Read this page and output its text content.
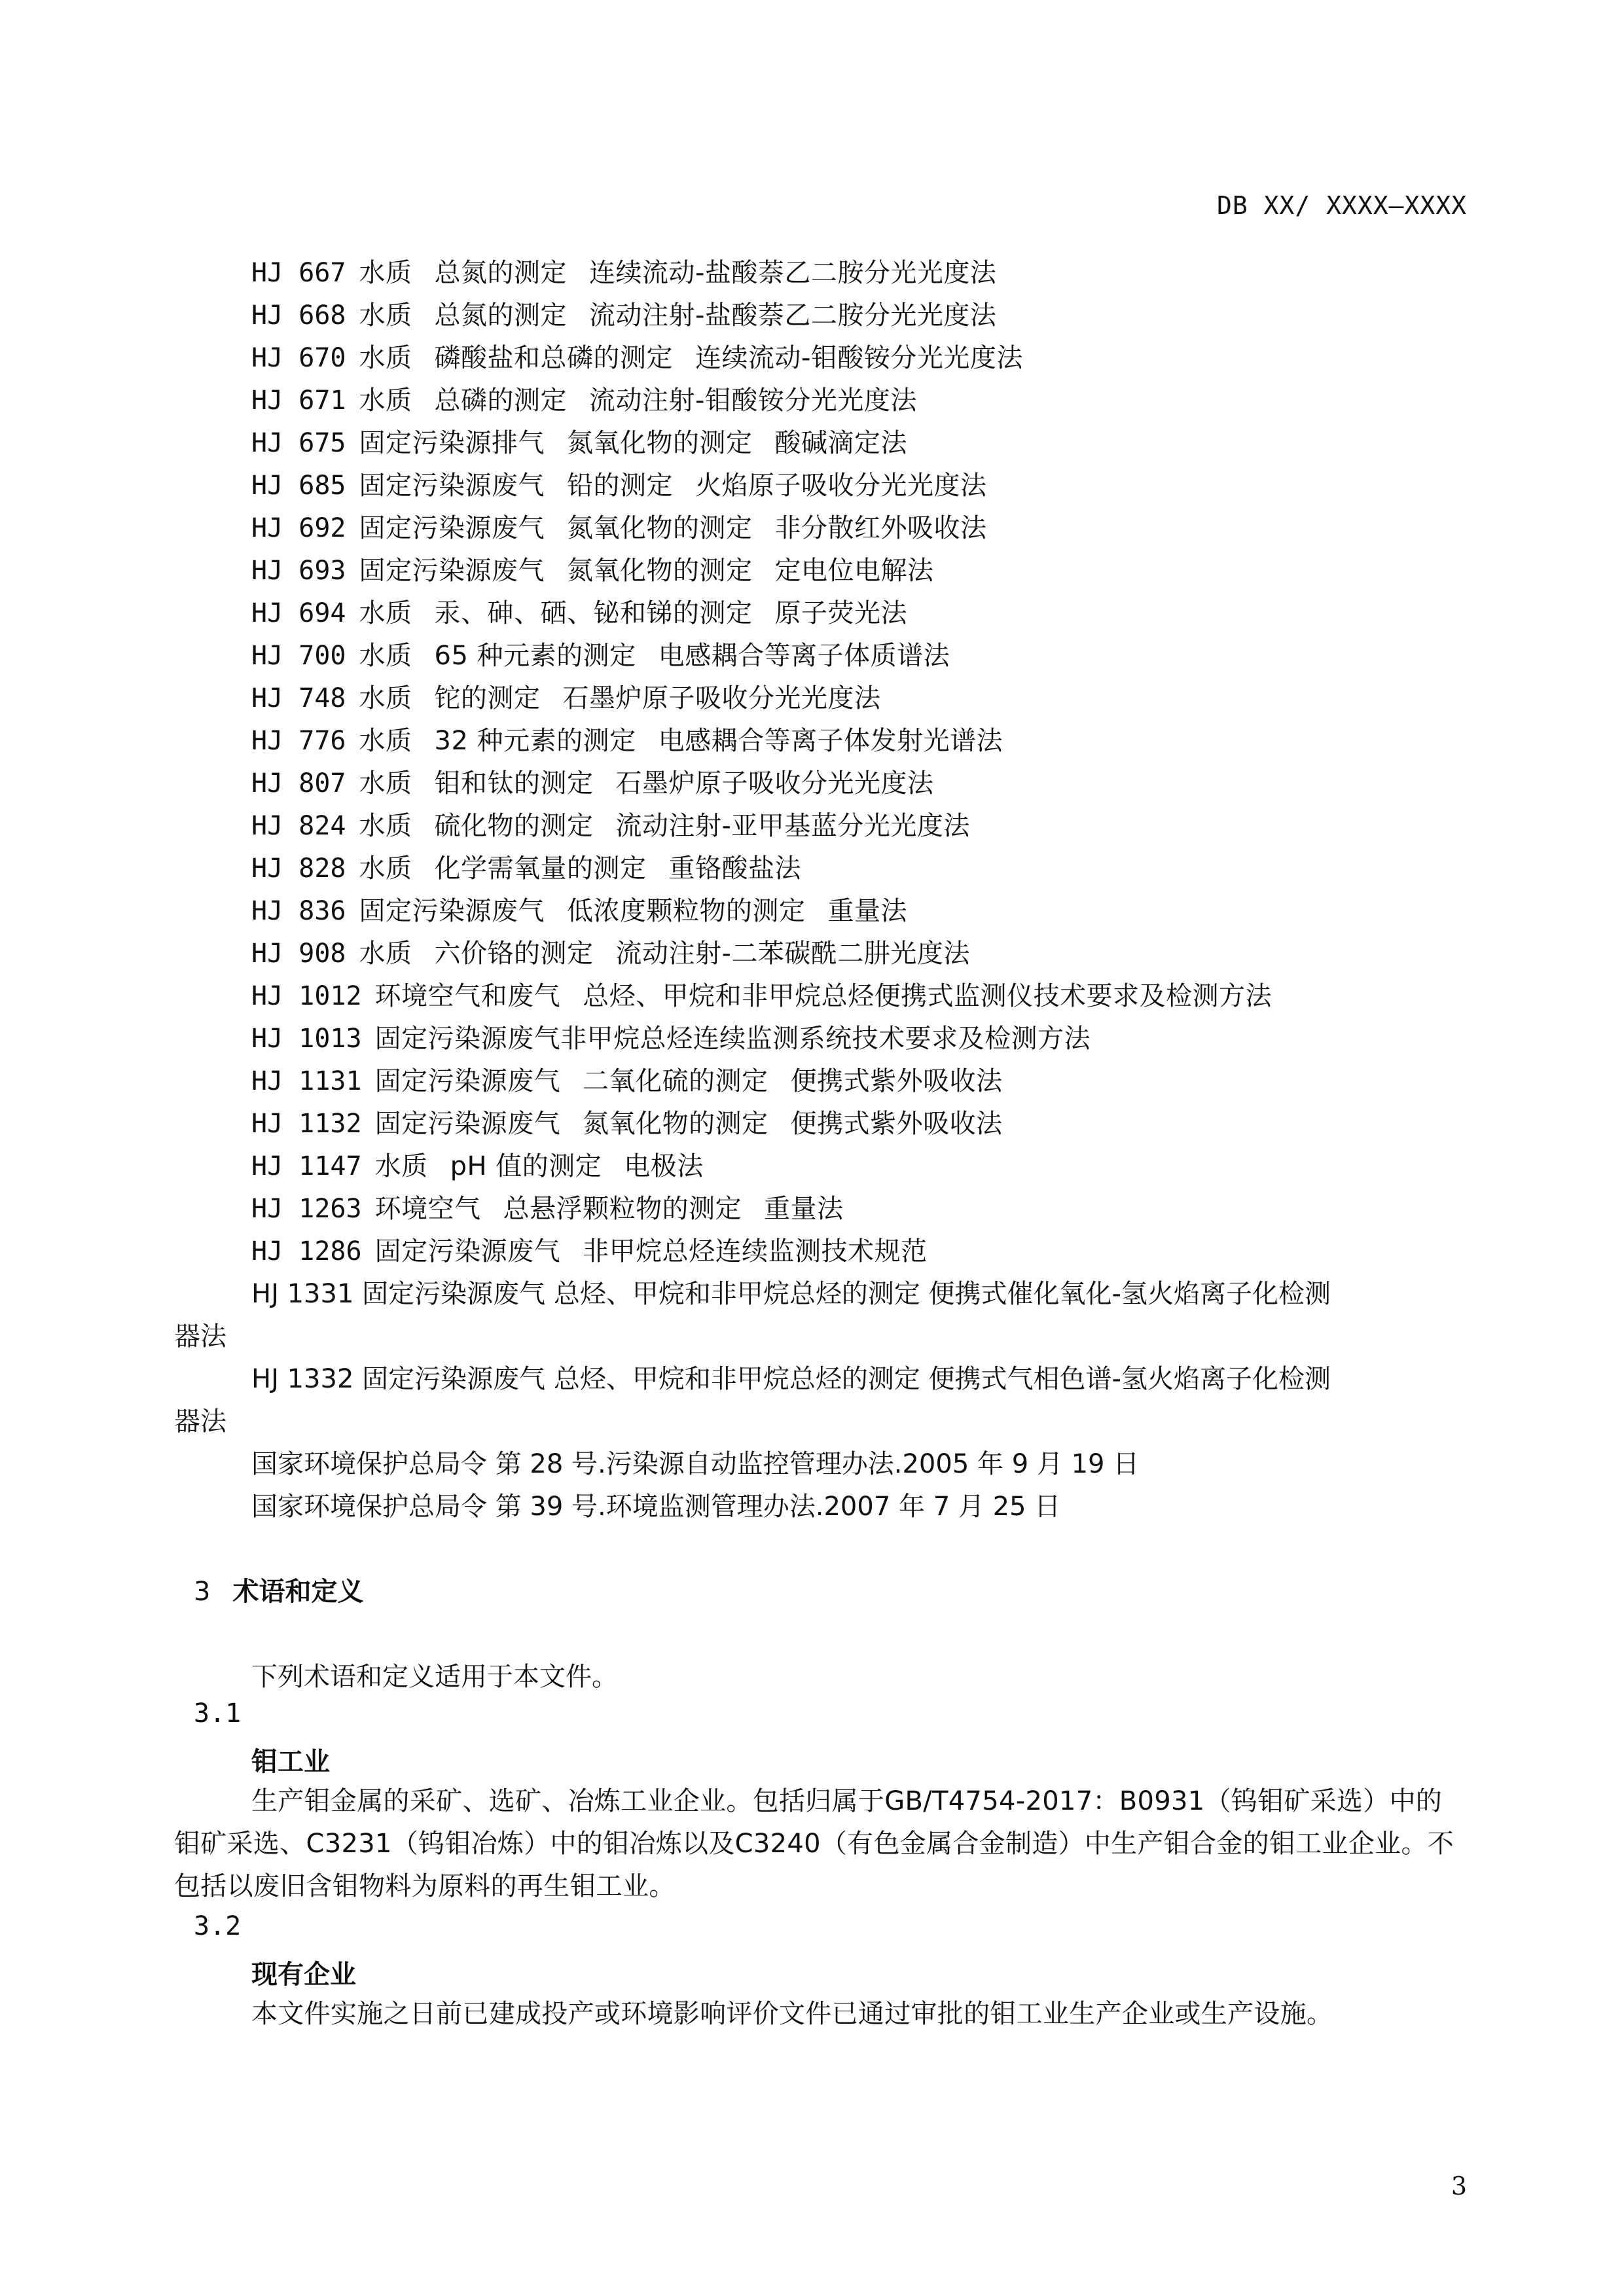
DB XX/ XXXX—XXXX
HJ 667 水质 总氮的测定 连续流动-盐酸萘乙二胺分光光度法
HJ 668 水质 总氮的测定 流动注射-盐酸萘乙二胺分光光度法
HJ 670 水质 磷酸盐和总磷的测定 连续流动-钼酸铵分光光度法
HJ 671 水质 总磷的测定 流动注射-钼酸铵分光光度法
HJ 675 固定污染源排气 氮氧化物的测定 酸碱滴定法
HJ 685 固定污染源废气 铅的测定 火焰原子吸收分光光度法
HJ 692 固定污染源废气 氮氧化物的测定 非分散红外吸收法
HJ 693 固定污染源废气 氮氧化物的测定 定电位电解法
HJ 694 水质 汞、砷、硒、铋和锑的测定 原子荧光法
HJ 700 水质 65 种元素的测定 电感耦合等离子体质谱法
HJ 748 水质 铊的测定 石墨炉原子吸收分光光度法
HJ 776 水质 32 种元素的测定 电感耦合等离子体发射光谱法
HJ 807 水质 钼和钛的测定 石墨炉原子吸收分光光度法
HJ 824 水质 硫化物的测定 流动注射-亚甲基蓝分光光度法
HJ 828 水质 化学需氧量的测定 重铬酸盐法
HJ 836 固定污染源废气 低浓度颗粒物的测定 重量法
HJ 908 水质 六价铬的测定 流动注射-二苯碳酰二肼光度法
HJ 1012 环境空气和废气 总烃、甲烷和非甲烷总烃便携式监测仪技术要求及检测方法
HJ 1013 固定污染源废气非甲烷总烃连续监测系统技术要求及检测方法
HJ 1131 固定污染源废气 二氧化硫的测定 便携式紫外吸收法
HJ 1132 固定污染源废气 氮氧化物的测定 便携式紫外吸收法
HJ 1147 水质 pH 值的测定 电极法
HJ 1263 环境空气 总悬浮颗粒物的测定 重量法
HJ 1286 固定污染源废气 非甲烷总烃连续监测技术规范
HJ 1331 固定污染源废气 总烃、甲烷和非甲烷总烃的测定 便携式催化氧化-氢火焰离子化检测
器法
HJ 1332 固定污染源废气 总烃、甲烷和非甲烷总烃的测定 便携式气相色谱-氢火焰离子化检测
器法
国家环境保护总局令 第 28 号.污染源自动监控管理办法.2005 年 9 月 19 日
国家环境保护总局令 第 39 号.环境监测管理办法.2007 年 7 月 25 日
3 术语和定义
下列术语和定义适用于本文件。
3.1
钼工业
生产钼金属的采矿、选矿、冶炼工业企业。包括归属于GB/T4754-2017：B0931（钨钼矿采选）中的钼矿采选、C3231（钨钼冶炼）中的钼冶炼以及C3240（有色金属合金制造）中生产钼合金的钼工业企业。不包括以废旧含钼物料为原料的再生钼工业。
3.2
现有企业
本文件实施之日前已建成投产或环境影响评价文件已通过审批的钼工业生产企业或生产设施。
3
